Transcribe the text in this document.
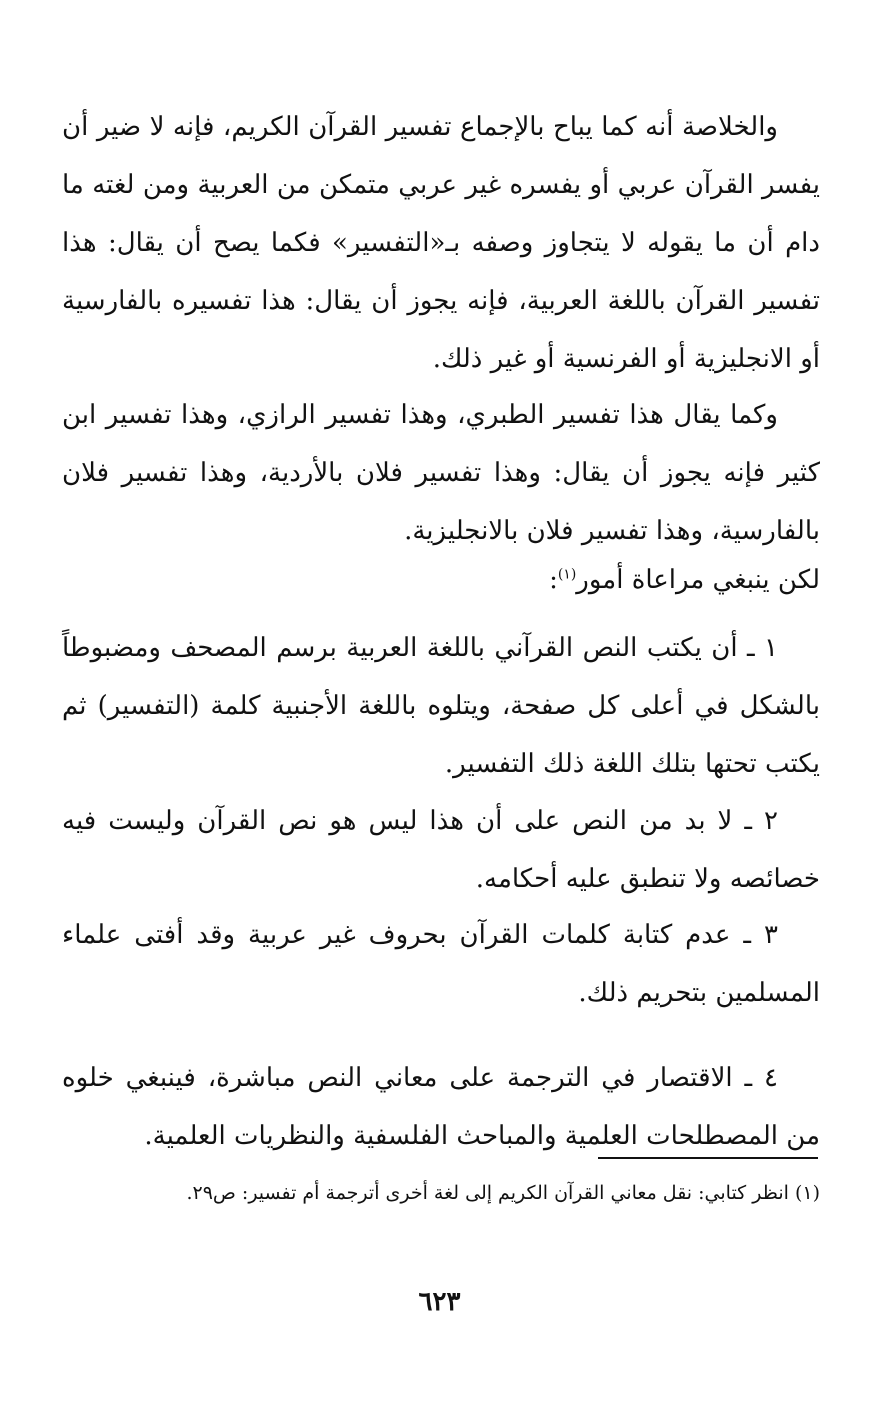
والخلاصة أنه كما يباح بالإجماع تفسير القرآن الكريم، فإنه لا ضير أن يفسر القرآن عربي أو يفسره غير عربي متمكن من العربية ومن لغته ما دام أن ما يقوله لا يتجاوز وصفه بـ«التفسير» فكما يصح أن يقال: هذا تفسير القرآن باللغة العربية، فإنه يجوز أن يقال: هذا تفسيره بالفارسية أو الانجليزية أو الفرنسية أو غير ذلك.

وكما يقال هذا تفسير الطبري، وهذا تفسير الرازي، وهذا تفسير ابن كثير فإنه يجوز أن يقال: وهذا تفسير فلان بالأردية، وهذا تفسير فلان بالفارسية، وهذا تفسير فلان بالانجليزية.

لكن ينبغي مراعاة أمور$^{(١)}$:

١ ـ أن يكتب النص القرآني باللغة العربية برسم المصحف ومضبوطاً بالشكل في أعلى كل صفحة، ويتلوه باللغة الأجنبية كلمة (التفسير) ثم يكتب تحتها بتلك اللغة ذلك التفسير.

٢ ـ لا بد من النص على أن هذا ليس هو نص القرآن وليست فيه خصائصه ولا تنطبق عليه أحكامه.

٣ ـ عدم كتابة كلمات القرآن بحروف غير عربية وقد أفتى علماء المسلمين بتحريم ذلك.

٤ ـ الاقتصار في الترجمة على معاني النص مباشرة، فينبغي خلوه من المصطلحات العلمية والمباحث الفلسفية والنظريات العلمية.

(١) انظر كتابي: نقل معاني القرآن الكريم إلى لغة أخرى أترجمة أم تفسير: ص٢٩.

٦٢٣
